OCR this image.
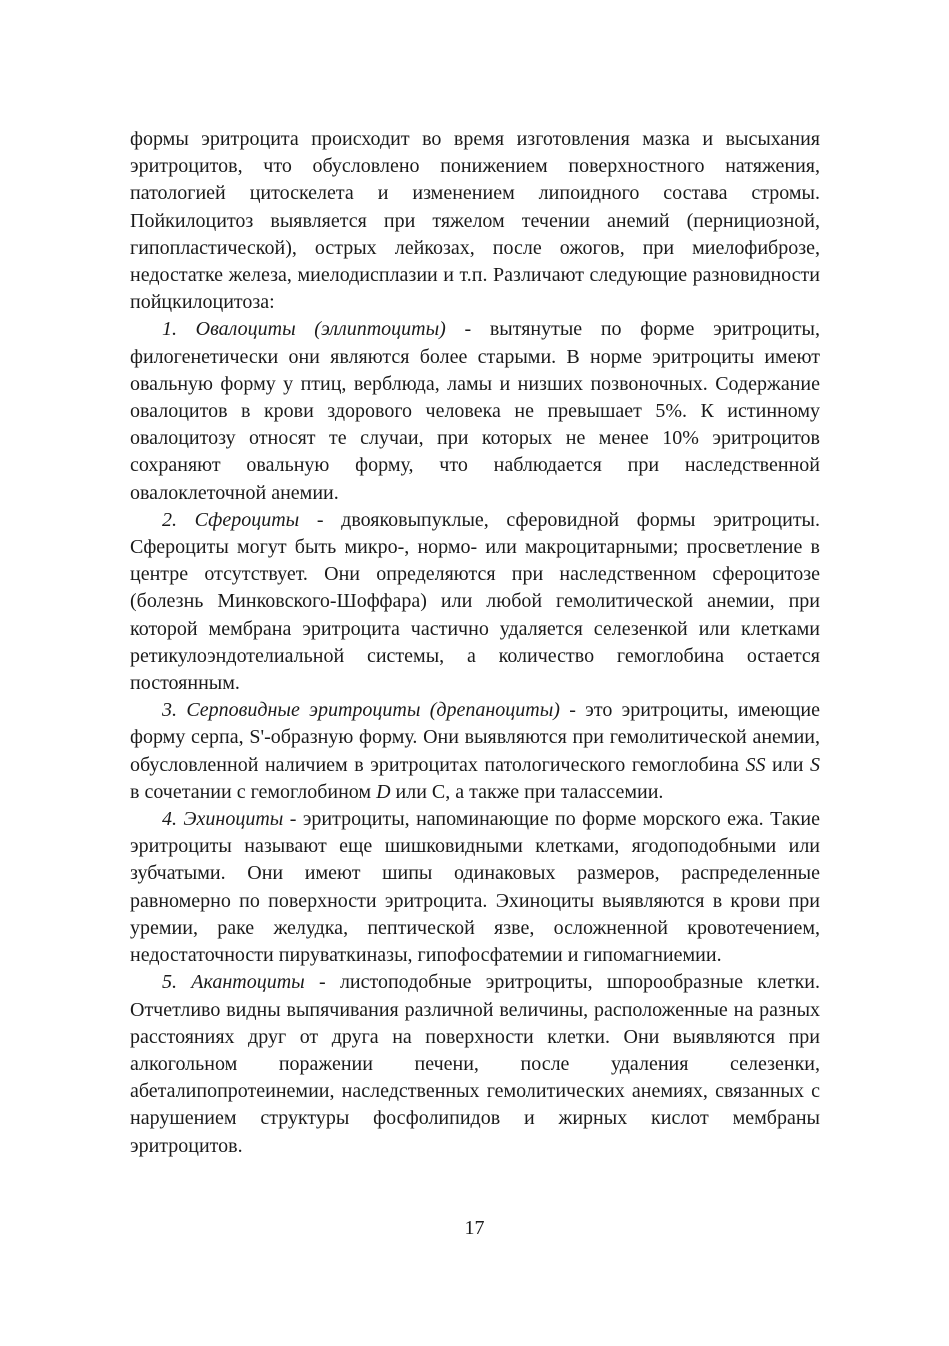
формы эритроцита происходит во время изготовления мазка и высыхания эритроцитов, что обусловлено понижением поверхностного натяжения, патологией цитоскелета и изменением липоидного состава стромы. Пойкилоцитоз выявляется при тяжелом течении анемий (пернициозной, гипопластической), острых лейкозах, после ожогов, при миелофиброзе, недостатке железа, миелодисплазии и т.п. Различают следующие разновидности пойцкилоцитоза:

1. Овалоциты (эллиптоциты) - вытянутые по форме эритроциты, филогенетически они являются более старыми. В норме эритроциты имеют овальную форму у птиц, верблюда, ламы и низших позвоночных. Содержание овалоцитов в крови здорового человека не превышает 5%. К истинному овалоцитозу относят те случаи, при которых не менее 10% эритроцитов сохраняют овальную форму, что наблюдается при наследственной овалоклеточной анемии.

2. Сфероциты - двояковыпуклые, сферовидной формы эритроциты. Сфероциты могут быть микро-, нормо- или макроцитарными; просветление в центре отсутствует. Они определяются при наследственном сфероцитозе (болезнь Минковского-Шоффара) или любой гемолитической анемии, при которой мембрана эритроцита частично удаляется селезенкой или клетками ретикулоэндотелиальной системы, а количество гемоглобина остается постоянным.

3. Серповидные эритроциты (дрепаноциты) - это эритроциты, имеющие форму серпа, S'-образную форму. Они выявляются при гемолитической анемии, обусловленной наличием в эритроцитах патологического гемоглобина SS или S в сочетании с гемоглобином D или С, а также при талассемии.

4. Эхиноциты - эритроциты, напоминающие по форме морского ежа. Такие эритроциты называют еще шишковидными клетками, ягодоподобными или зубчатыми. Они имеют шипы одинаковых размеров, распределенные равномерно по поверхности эритроцита. Эхиноциты выявляются в крови при уремии, раке желудка, пептической язве, осложненной кровотечением, недостаточности пируваткиназы, гипофосфатемии и гипомагниемии.

5. Акантоциты - листоподобные эритроциты, шпорообразные клетки. Отчетливо видны выпячивания различной величины, расположенные на разных расстояниях друг от друга на поверхности клетки. Они выявляются при алкогольном поражении печени, после удаления селезенки, абеталипопротеинемии, наследственных гемолитических анемиях, связанных с нарушением структуры фосфолипидов и жирных кислот мембраны эритроцитов.

17
